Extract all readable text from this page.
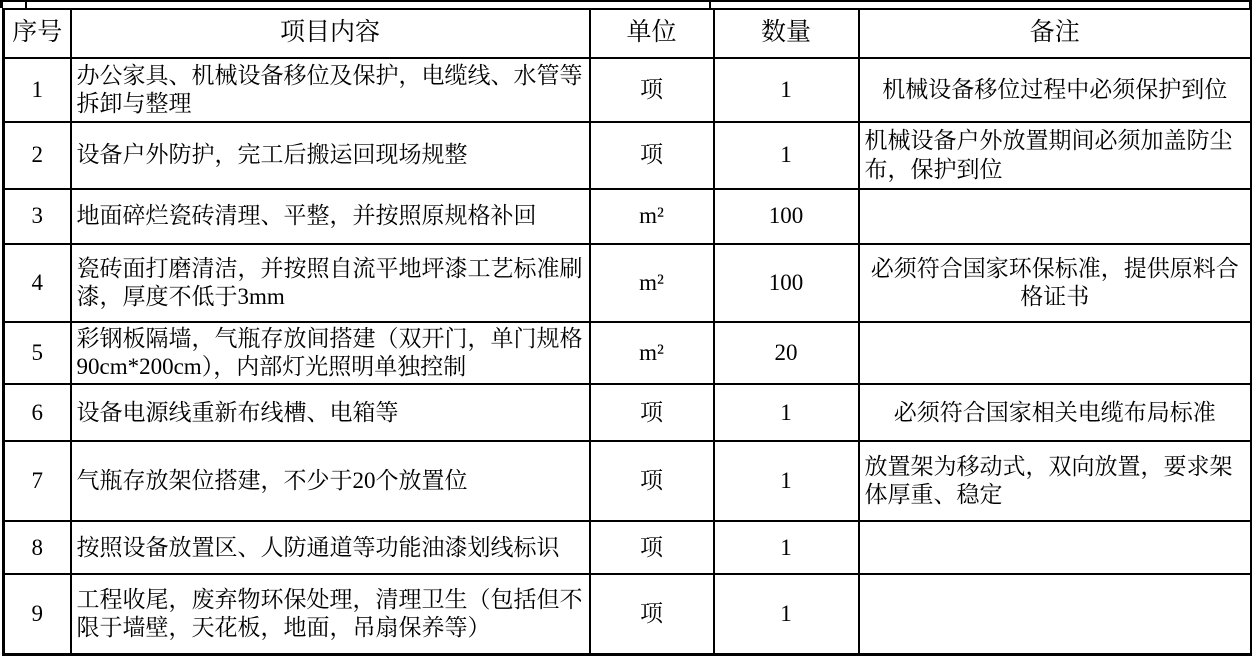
序号	项目内容	单位	数量	备注
1	办公家具、机械设备移位及保护，电缆线、水管等拆卸与整理	项	1	机械设备移位过程中必须保护到位
2	设备户外防护，完工后搬运回现场规整	项	1	机械设备户外放置期间必须加盖防尘布，保护到位
3	地面碎烂瓷砖清理、平整，并按照原规格补回	m²	100	
4	瓷砖面打磨清洁，并按照自流平地坪漆工艺标准刷漆，厚度不低于3mm	m²	100	必须符合国家环保标准，提供原料合格证书
5	彩钢板隔墙，气瓶存放间搭建（双开门，单门规格90cm*200cm），内部灯光照明单独控制	m²	20	
6	设备电源线重新布线槽、电箱等	项	1	必须符合国家相关电缆布局标准
7	气瓶存放架位搭建，不少于20个放置位	项	1	放置架为移动式，双向放置，要求架体厚重、稳定
8	按照设备放置区、人防通道等功能油漆划线标识	项	1	
9	工程收尾，废弃物环保处理，清理卫生（包括但不限于墙壁，天花板，地面，吊扇保养等）	项	1	
